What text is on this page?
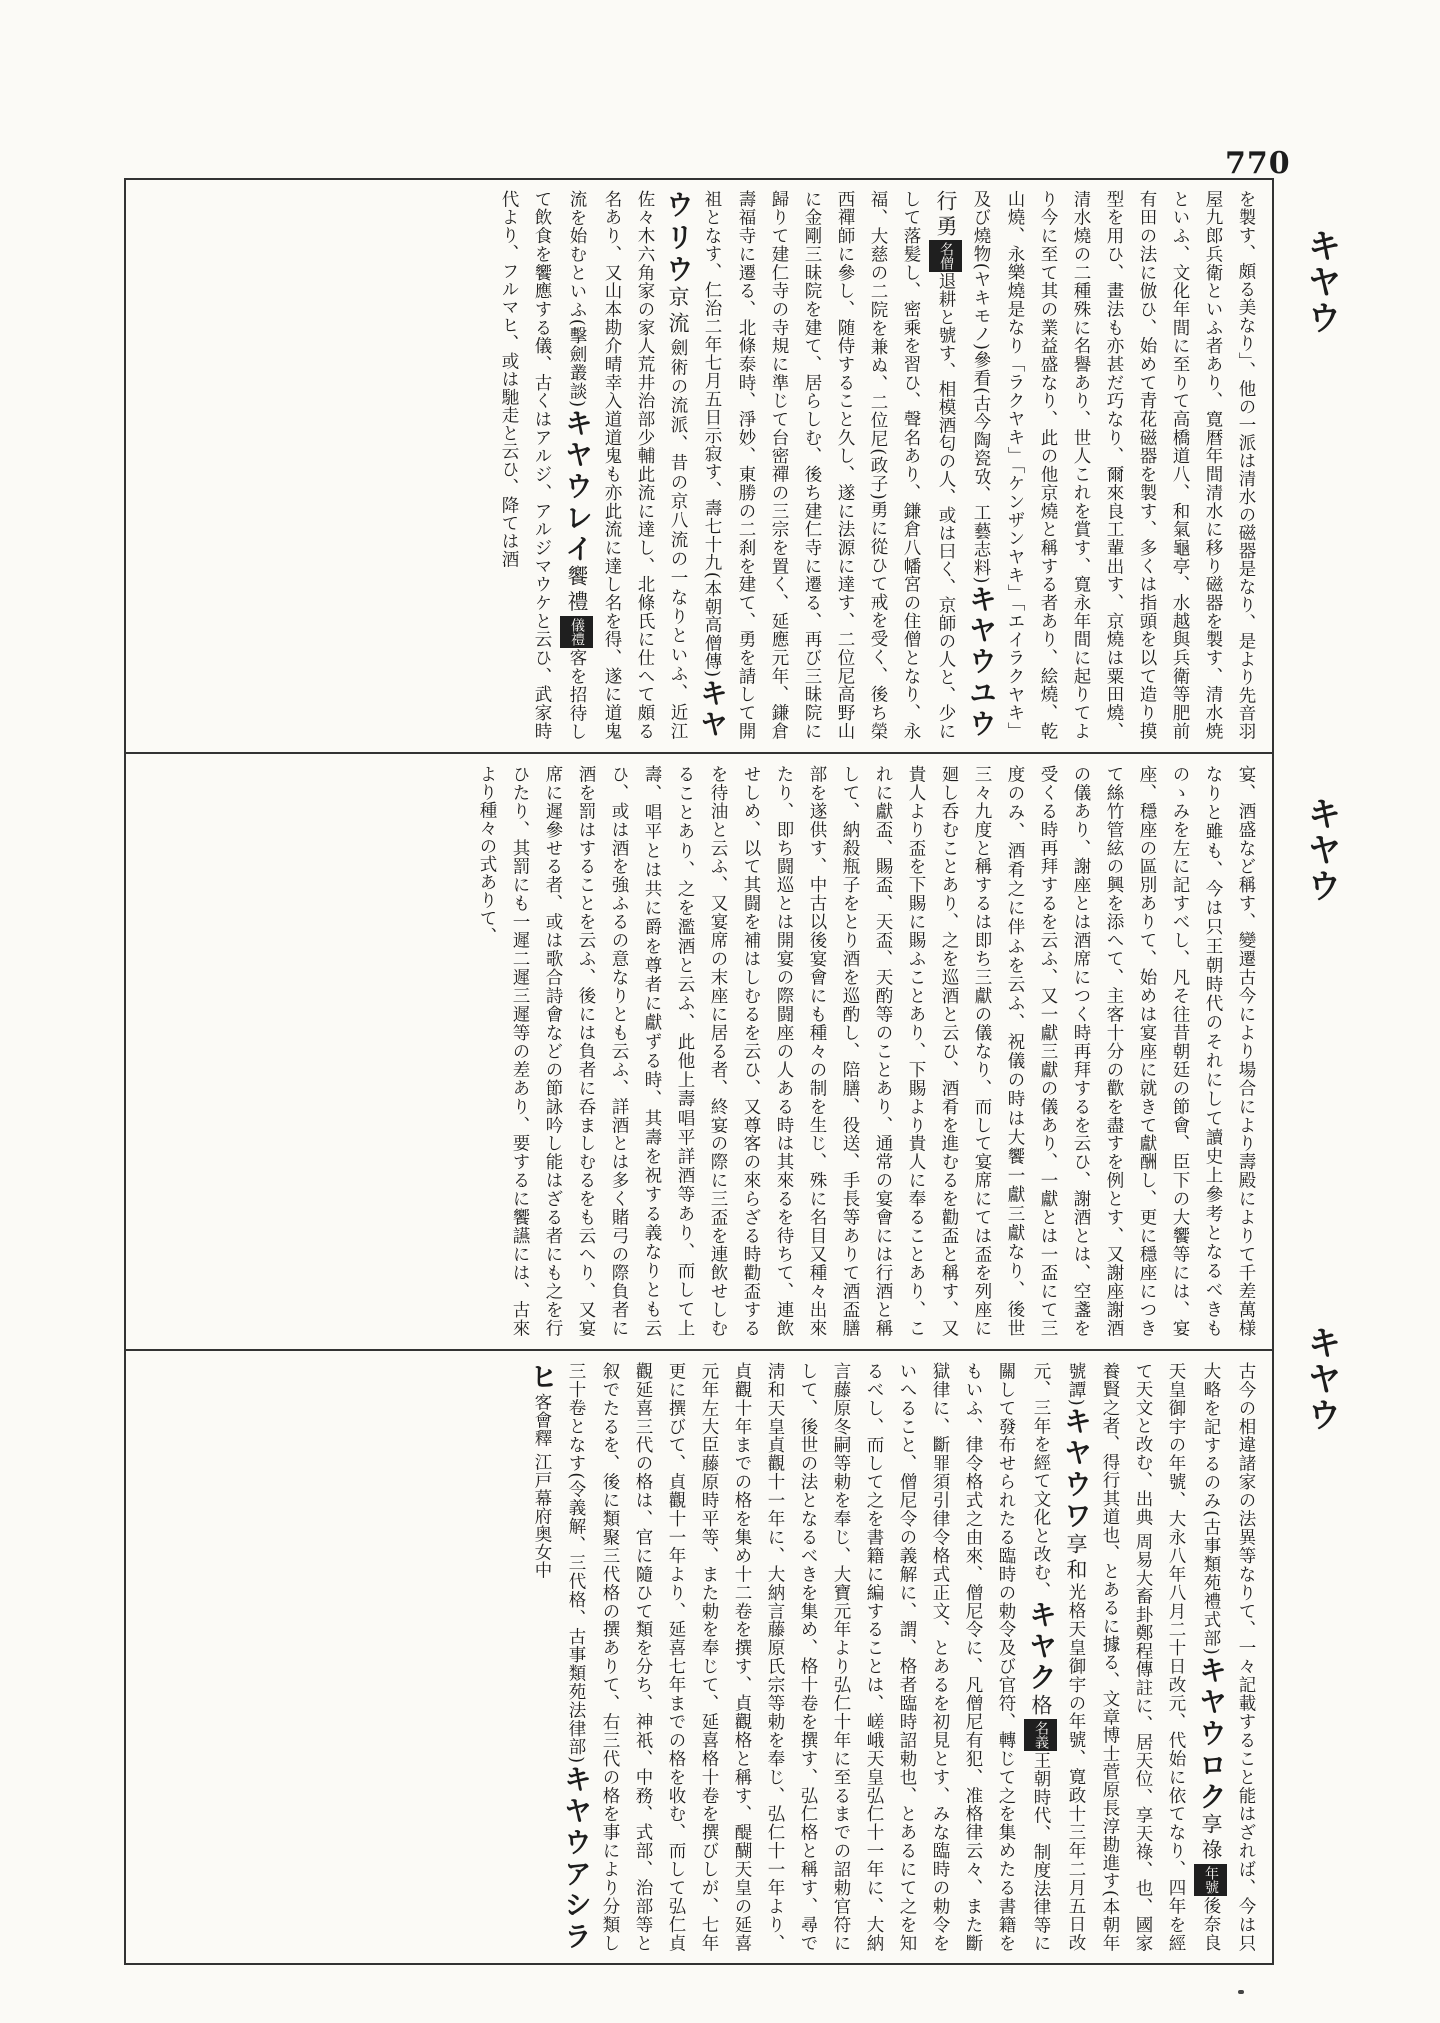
770
キヤウ
キヤウ
キヤウ
を製す、頗る美なり」、他の一派は清水の磁器是なり、是より先音羽屋九郎兵衛といふ者あり、寛暦年間清水に移り磁器を製す、清水焼といふ、文化年間に至りて高橋道八、和氣龜亭、水越與兵衛等肥前有田の法に倣ひ、始めて青花磁器を製す、多くは指頭を以て造り摸型を用ひ、畫法も亦甚だ巧なり、爾來良工輩出す、京燒は粟田燒、清水燒の二種殊に名譽あり、世人これを賞す、寛永年間に起りてより今に至て其の業益盛なり、此の他京燒と稱する者あり、絵燒、乾山燒、永樂燒是なり「ラクヤキ」「ケンザンヤキ」「エイラクヤキ」及び燒物(ヤキモノ)參看(古今陶瓷攷、工藝志料)キヤウユウ行勇名僧退耕と號す、相模酒匂の人、或は曰く、京師の人と、少にして落髪し、密乘を習ひ、聲名あり、鎌倉八幡宮の住僧となり、永福、大慈の二院を兼ぬ、二位尼(政子)勇に從ひて戒を受く、後ち榮西禪師に參し、随侍すること久し、遂に法源に達す、二位尼高野山に金剛三昧院を建て、居らしむ、後ち建仁寺に遷る、再び三昧院に歸りて建仁寺の寺規に準じて台密禪の三宗を置く、延應元年、鎌倉壽福寺に遷る、北條泰時、淨妙、東勝の二刹を建て、勇を請して開祖となす、仁治二年七月五日示寂す、壽七十九(本朝高僧傳)キヤウリウ京流劍術の流派、昔の京八流の一なりといふ、近江佐々木六角家の家人荒井治部少輔此流に達し、北條氏に仕へて頗る名あり、又山本勘介晴幸入道道鬼も亦此流に達し名を得、遂に道鬼流を始むといふ(擊劍叢談)キヤウレイ饗禮儀禮客を招待して飲食を饗應する儀、古くはアルジ、アルジマウケと云ひ、武家時代より、フルマヒ、或は馳走と云ひ、降ては酒
宴、酒盛など稱す、變遷古今により場合により壽殿によりて千差萬様なりと雖も、今は只王朝時代のそれにして讀史上參考となるべきものゝみを左に記すべし、凡そ往昔朝廷の節會、臣下の大饗等には、宴座、穩座の區別ありて、始めは宴座に就きて獻酬し、更に穩座につきて絲竹管絃の興を添へて、主客十分の歡を盡すを例とす、又謝座謝酒の儀あり、謝座とは酒席につく時再拜するを云ひ、謝酒とは、空盞を受くる時再拜するを云ふ、又一獻三獻の儀あり、一獻とは一盃にて三度のみ、酒肴之に伴ふを云ふ、祝儀の時は大饗一獻三獻なり、後世三々九度と稱するは即ち三獻の儀なり、而して宴席にては盃を列座に廻し呑むことあり、之を巡酒と云ひ、酒肴を進むるを勸盃と稱す、又貴人より盃を下賜に賜ふことあり、下賜より貴人に奉ることあり、これに獻盃、賜盃、天盃、天酌等のことあり、通常の宴會には行酒と稱して、納殺瓶子をとり酒を巡酌し、陪膳、役送、手長等ありて酒盃膳部を遂供す、中古以後宴會にも種々の制を生じ、殊に名目又種々出來たり、即ち闘巡とは開宴の際闘座の人ある時は其來るを待ちて、連飲せしめ、以て其闘を補はしむるを云ひ、又尊客の來らざる時勸盃するを待油と云ふ、又宴席の末座に居る者、終宴の際に三盃を連飲せしむることあり、之を濫酒と云ふ、此他上壽唱平詳酒等あり、而して上壽、唱平とは共に爵を尊者に獻ずる時、其壽を祝する義なりとも云ひ、或は酒を強ふるの意なりとも云ふ、詳酒とは多く賭弓の際負者に酒を罰はすることを云ふ、後には負者に呑ましむるをも云へり、又宴席に遲參せる者、或は歌合詩會などの節詠吟し能はざる者にも之を行ひたり、其罰にも一遲二遲三遲等の差あり、要するに饗讌には、古來より種々の式ありて、
古今の相違諸家の法異等なりて、一々記載すること能はざれば、今は只大略を記するのみ(古事類苑禮式部)キヤウロク享祿年號後奈良天皇御宇の年號、大永八年八月二十日改元、代始に依てなり、四年を經て天文と改む、出典 周易大畜卦鄭程傳註に、居天位、享天祿、也、國家養賢之者、得行其道也、とあるに據る、文章博士菅原長淳勘進す(本朝年號譚)キヤウワ享和光格天皇御宇の年號、寛政十三年二月五日改元、三年を經て文化と改む、キヤク格名義王朝時代、制度法律等に關して發布せられたる臨時の勅令及び官符、轉じて之を集めたる書籍をもいふ、律令格式之由來、僧尼令に、凡僧尼有犯、准格律云々、また斷獄律に、斷罪須引律令格式正文、とあるを初見とす、みな臨時の勅令をいへること、僧尼令の義解に、謂、格者臨時詔勅也、とあるにて之を知るべし、而して之を書籍に編することは、嵯峨天皇弘仁十一年に、大納言藤原冬嗣等勅を奉じ、大寶元年より弘仁十年に至るまでの詔勅官符にして、後世の法となるべきを集め、格十卷を撰す、弘仁格と稱す、尋で淸和天皇貞觀十一年に、大納言藤原氏宗等勅を奉じ、弘仁十一年より、貞觀十年までの格を集め十二卷を撰す、貞觀格と稱す、醍醐天皇の延喜元年左大臣藤原時平等、また勅を奉じて、延喜格十卷を撰びしが、七年更に撰びて、貞觀十一年より、延喜七年までの格を收む、而して弘仁貞觀延喜三代の格は、官に隨ひて類を分ち、神祇、中務、式部、治部等と叙でたるを、後に類聚三代格の撰ありて、右三代の格を事により分類し三十卷となす(令義解、三代格、古事類苑法律部)キヤウアシラヒ客會釋 江戸幕府奥女中
